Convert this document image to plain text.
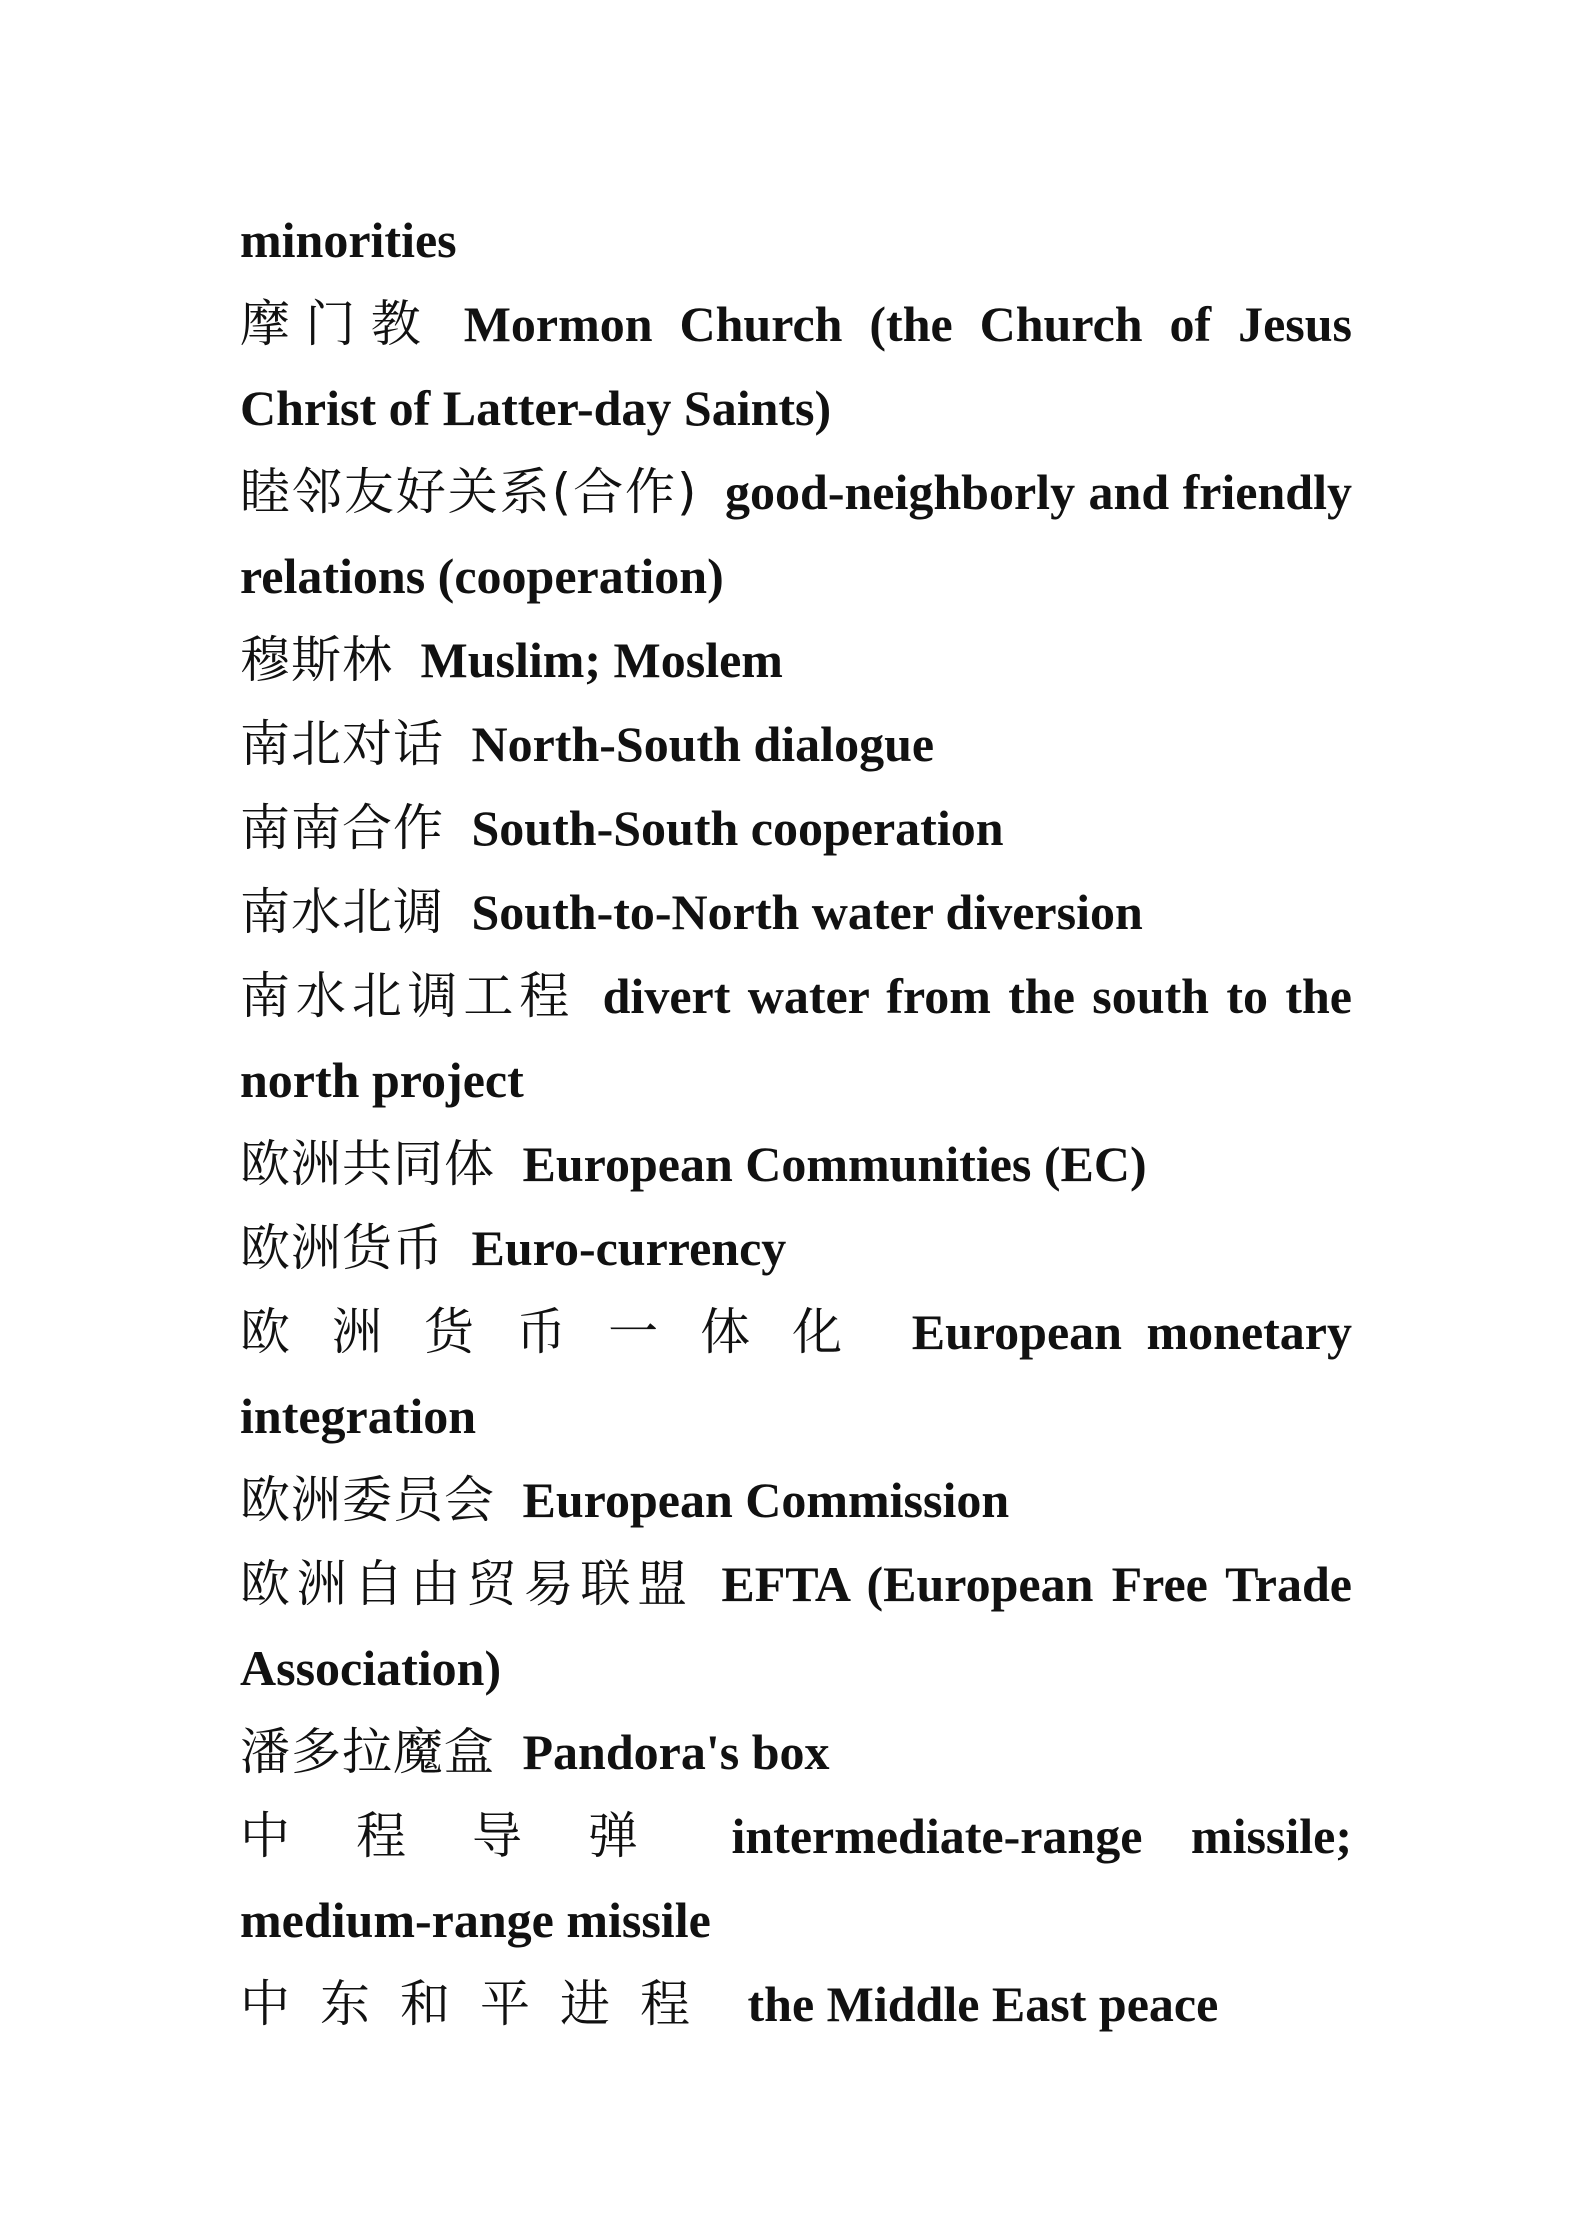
minorities

摩门教 Mormon Church (the Church of Jesus Christ of Latter-day Saints)

睦邻友好关系(合作) good-neighborly and friendly relations (cooperation)

穆斯林 Muslim; Moslem

南北对话 North-South dialogue

南南合作 South-South cooperation

南水北调 South-to-North water diversion

南水北调工程 divert water from the south to the north project

欧洲共同体 European Communities (EC)

欧洲货币 Euro-currency

欧洲货币一体化 European monetary integration

欧洲委员会 European Commission

欧洲自由贸易联盟 EFTA (European Free Trade Association)

潘多拉魔盒 Pandora's box

中程导弹 intermediate-range missile; medium-range missile

中东和平进程 the Middle East peace
